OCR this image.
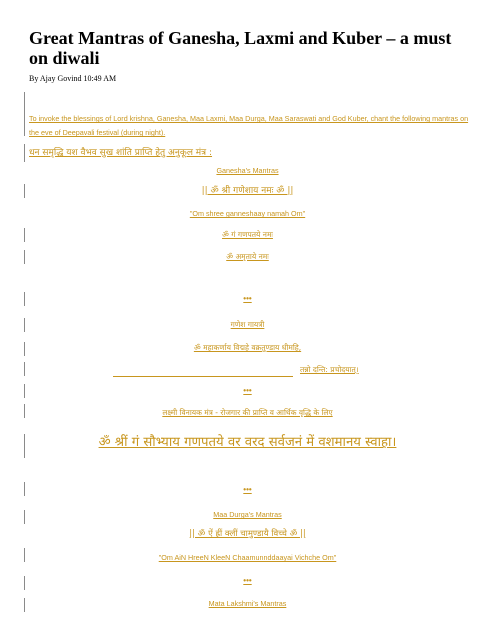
Great Mantras of Ganesha, Laxmi and Kuber – a must on diwali

By Ajay Govind 10:49 AM

To invoke the blessings of Lord krishna, Ganesha, Maa Laxmi, Maa Durga, Maa Saraswati and God Kuber, chant the following mantras on the eve of Deepavali festival (during night).

धन समृद्धि यश वैभव सुख शांति प्राप्ति हेतु अनुकूल मंत्र :

Ganesha's Mantras

|| ॐ श्री गणेशाय नमः ॐ ||

"Om shree ganneshaay namah Om"

ॐ गं गणपतये नमः

ॐ अमृताये नमः

•••

गणेश गायत्री

ॐ महाकर्णाय विद्महे वक्रतुण्डाय धीमहि,

तन्नो दन्ति: प्रचोदयात्।

•••

लक्ष्मी विनायक मंत्र - रोजगार की प्राप्ति व आर्थिक वृद्धि के लिए

ॐ श्रीं गं सौभ्याय गणपतये वर वरद सर्वजनं में वशमानय स्वाहा।

•••

Maa Durga's Mantras

|| ॐ ऐं ह्रीं क्लीं चामुण्डायै विच्चे ॐ ||

"Om AiN HreeN KleeN Chaamunnddaayai Vichche Om"

•••

Mata Lakshmi's Mantras
